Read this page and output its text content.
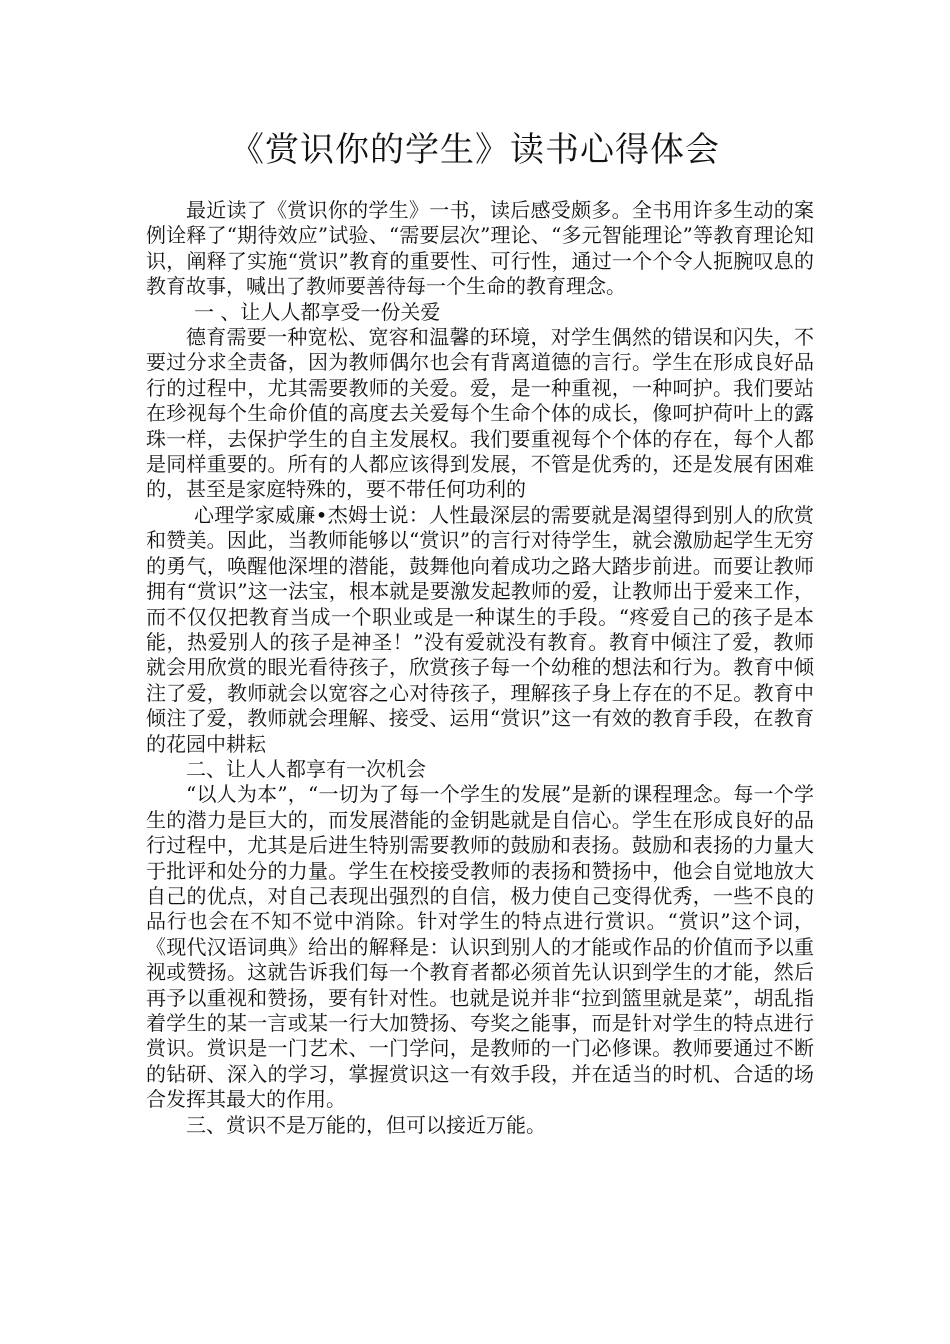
《赏识你的学生》读书心得体会

最近读了《赏识你的学生》一书，读后感受颇多。全书用许多生动的案例诠释了“期待效应”试验、“需要层次”理论、“多元智能理论”等教育理论知识，阐释了实施“赏识”教育的重要性、可行性，通过一个个令人扼腕叹息的教育故事，喊出了教师要善待每一个生命的教育理念。

一 、让人人都享受一份关爱

德育需要一种宽松、宽容和温馨的环境，对学生偶然的错误和闪失，不要过分求全责备，因为教师偶尔也会有背离道德的言行。学生在形成良好品行的过程中，尤其需要教师的关爱。爱，是一种重视，一种呵护。我们要站在珍视每个生命价值的高度去关爱每个生命个体的成长，像呵护荷叶上的露珠一样，去保护学生的自主发展权。我们要重视每个个体的存在，每个人都是同样重要的。所有的人都应该得到发展，不管是优秀的，还是发展有困难的，甚至是家庭特殊的，要不带任何功利的

心理学家威廉•杰姆士说：人性最深层的需要就是渴望得到别人的欣赏和赞美。因此，当教师能够以“赏识”的言行对待学生，就会激励起学生无穷的勇气，唤醒他深埋的潜能，鼓舞他向着成功之路大踏步前进。而要让教师拥有“赏识”这一法宝，根本就是要激发起教师的爱，让教师出于爱来工作，而不仅仅把教育当成一个职业或是一种谋生的手段。“疼爱自己的孩子是本能，热爱别人的孩子是神圣！”没有爱就没有教育。教育中倾注了爱，教师就会用欣赏的眼光看待孩子，欣赏孩子每一个幼稚的想法和行为。教育中倾注了爱，教师就会以宽容之心对待孩子，理解孩子身上存在的不足。教育中倾注了爱，教师就会理解、接受、运用“赏识”这一有效的教育手段，在教育的花园中耕耘

二、让人人都享有一次机会

“以人为本”，“一切为了每一个学生的发展”是新的课程理念。每一个学生的潜力是巨大的，而发展潜能的金钥匙就是自信心。学生在形成良好的品行过程中，尤其是后进生特别需要教师的鼓励和表扬。鼓励和表扬的力量大于批评和处分的力量。学生在校接受教师的表扬和赞扬中，他会自觉地放大自己的优点，对自己表现出强烈的自信，极力使自己变得优秀，一些不良的品行也会在不知不觉中消除。针对学生的特点进行赏识。“赏识”这个词，《现代汉语词典》给出的解释是：认识到别人的才能或作品的价值而予以重视或赞扬。这就告诉我们每一个教育者都必须首先认识到学生的才能，然后再予以重视和赞扬，要有针对性。也就是说并非“拉到篮里就是菜”，胡乱指着学生的某一言或某一行大加赞扬、夸奖之能事，而是针对学生的特点进行赏识。赏识是一门艺术、一门学问，是教师的一门必修课。教师要通过不断的钻研、深入的学习，掌握赏识这一有效手段，并在适当的时机、合适的场合发挥其最大的作用。

三、赏识不是万能的，但可以接近万能。
